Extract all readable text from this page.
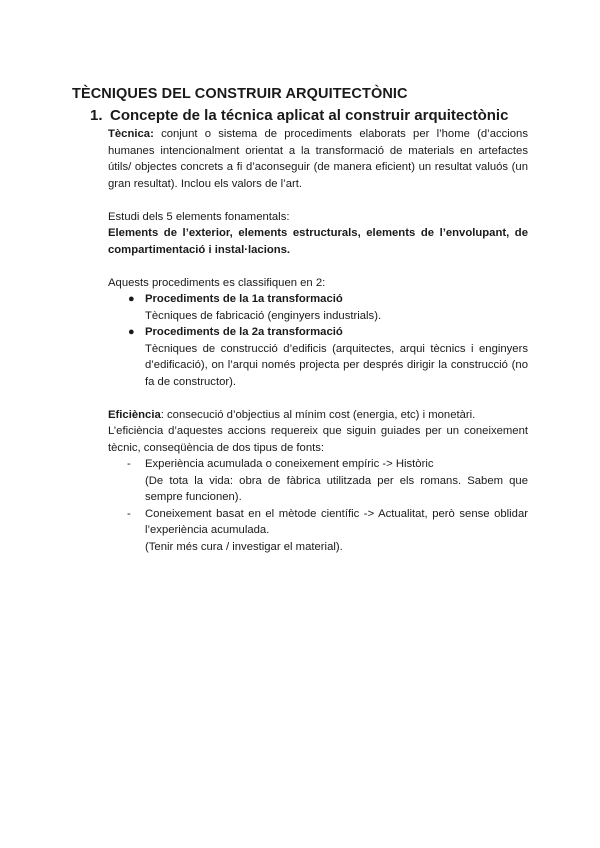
TÈCNIQUES DEL CONSTRUIR ARQUITECTÒNIC
1. Concepte de la técnica aplicat al construir arquitectònic

Tècnica: conjunt o sistema de procediments elaborats per l’home (d’accions humanes intencionalment orientat a la transformació de materials en artefactes útils/ objectes concrets a fi d’aconseguir (de manera eficient) un resultat valuós (un gran resultat). Inclou els valors de l’art.

Estudi dels 5 elements fonamentals:

Elements de l’exterior, elements estructurals, elements de l’envolupant, de compartimentació i instal·lacions.

Aquests procediments es classifiquen en 2:

● Procediments de la 1a transformació

Tècniques de fabricació (enginyers industrials).
● Procediments de la 2a transformació

Tècniques de construcció d’edificis (arquitectes, arqui tècnics i enginyers d’edificació), on l’arqui només projecta per després dirigir la construcció (no fa de constructor).

Eficiència: consecució d’objectius al mínim cost (energia, etc) i monetàri.

L’eficiència d’aquestes accions requereix que siguin guiades per un coneixement tècnic, conseqüència de dos tipus de fonts:

- Experiència acumulada o coneixement empíric -> Històric
(De tota la vida: obra de fàbrica utilitzada per els romans. Sabem que sempre funcionen).
- Coneixement basat en el mètode científic -> Actualitat, però sense oblidar l’experiència acumulada.
(Tenir més cura / investigar el material).
